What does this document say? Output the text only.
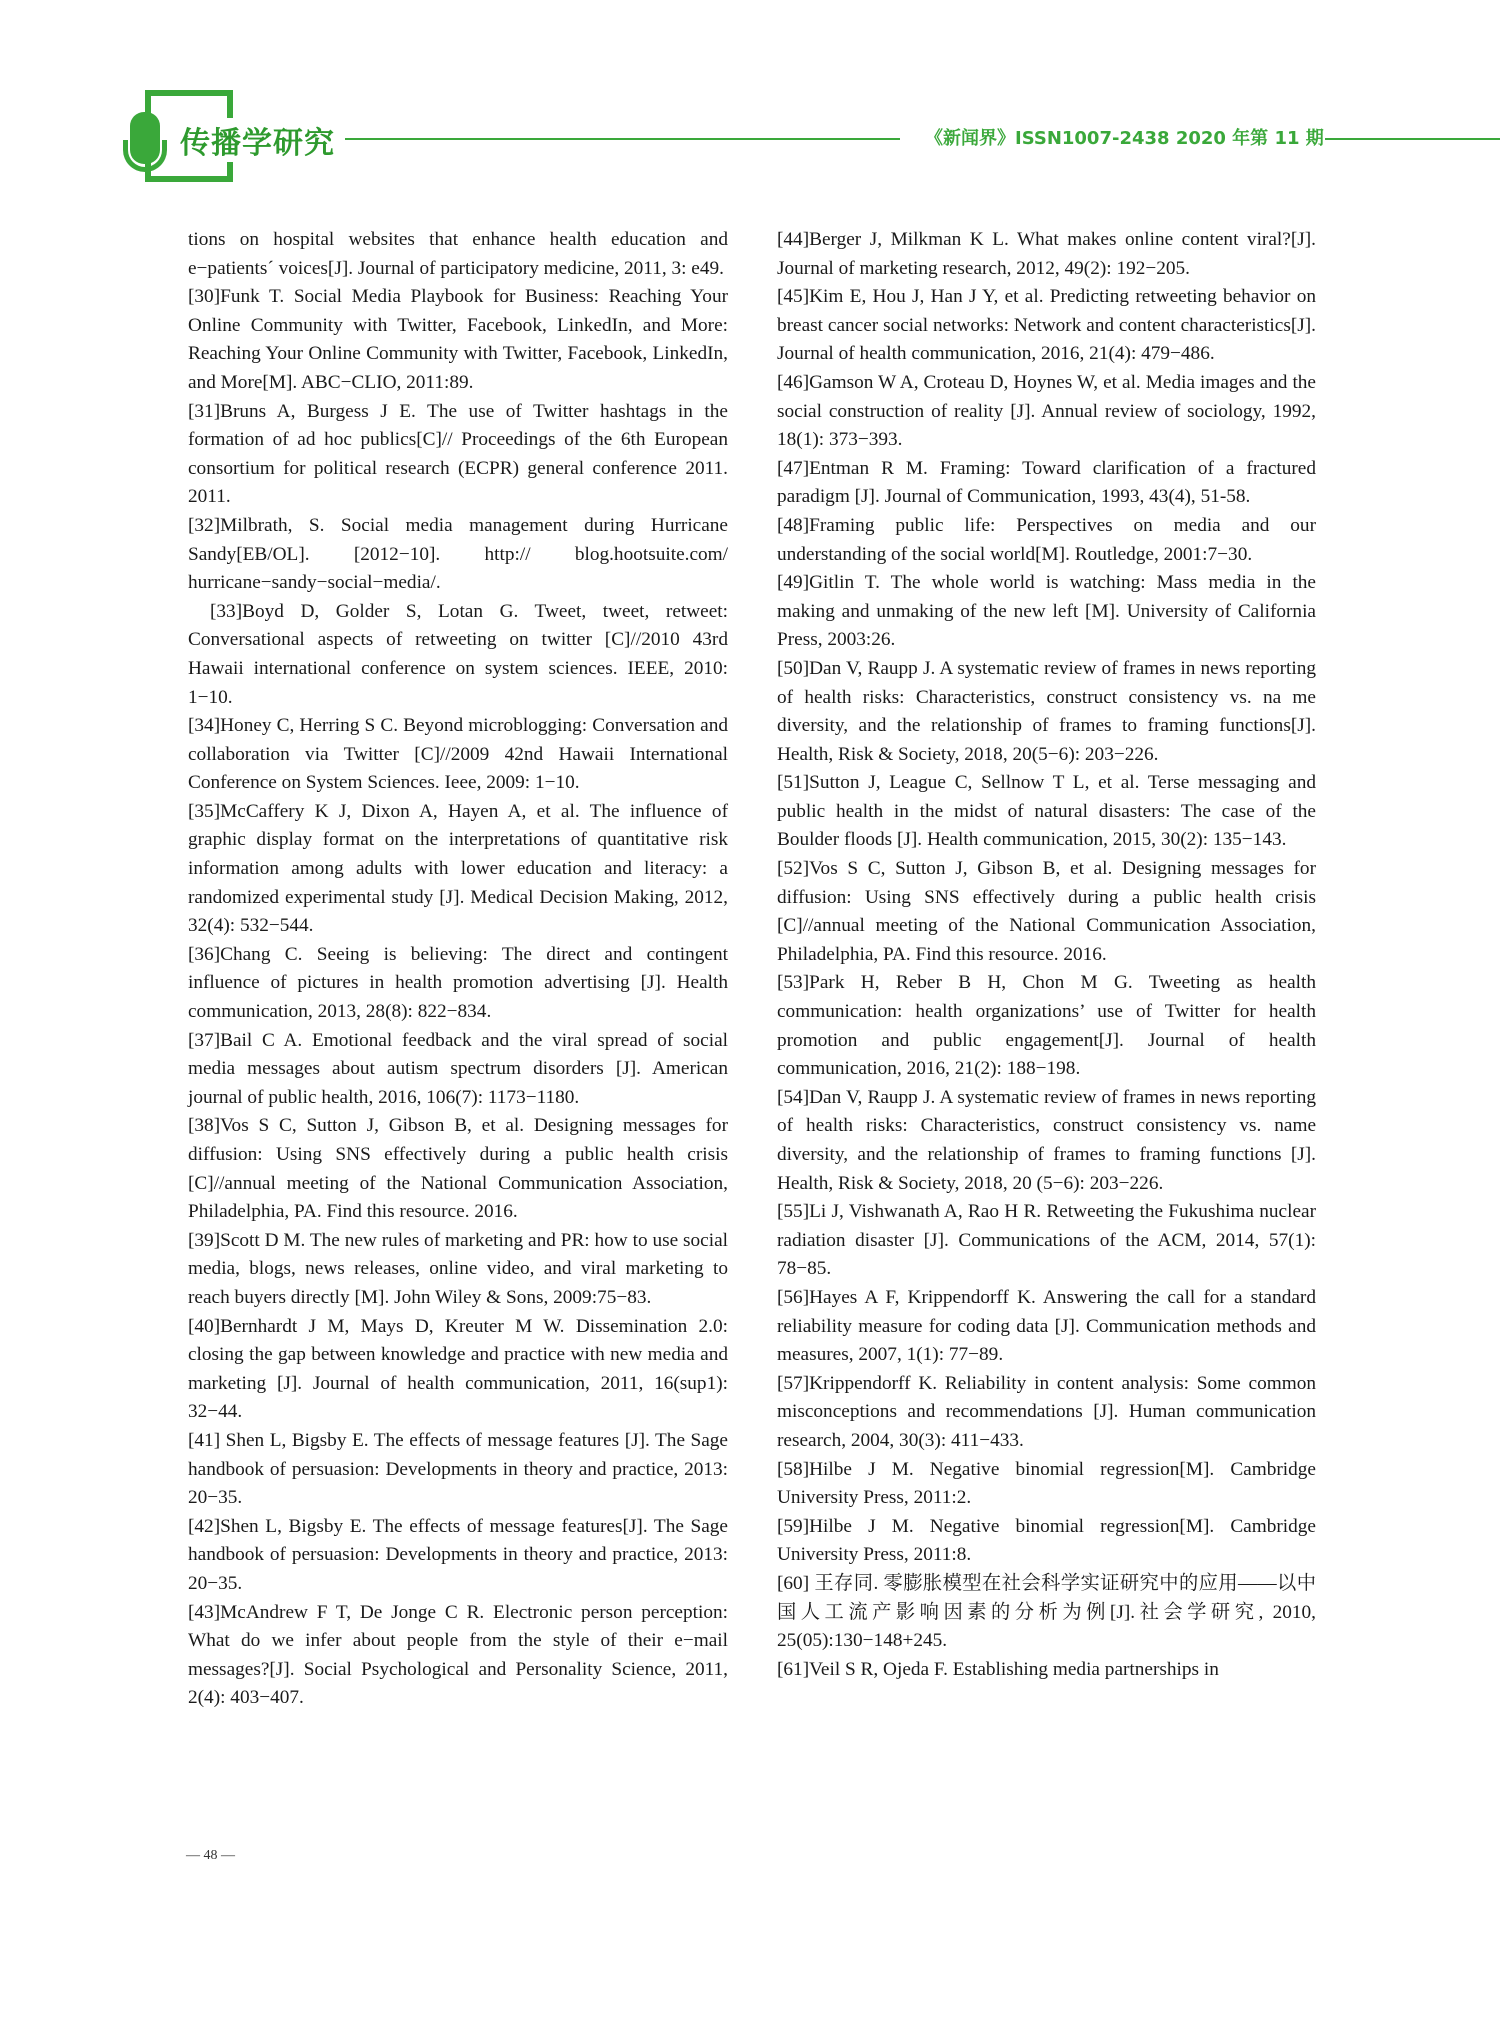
传播学研究	《新闻界》ISSN1007-2438 2020 年第 11 期

tions on hospital websites that enhance health education and e−patients´ voices[J]. Journal of participatory medicine, 2011, 3: e49.

[30]Funk T. Social Media Playbook for Business: Reaching Your Online Community with Twitter, Facebook, LinkedIn, and More: Reaching Your Online Community with Twitter, Facebook, LinkedIn, and More[M]. ABC−CLIO, 2011:89.

[31]Bruns A, Burgess J E. The use of Twitter hashtags in the formation of ad hoc publics[C]// Proceedings of the 6th European consortium for political research (ECPR) general conference 2011. 2011.

[32]Milbrath, S. Social media management during Hurricane Sandy[EB/OL]. [2012−10]. http:// blog.hootsuite.com/ hurricane−sandy−social−media/.

[33]Boyd D, Golder S, Lotan G. Tweet, tweet, retweet: Conversational aspects of retweeting on twitter [C]//2010 43rd Hawaii international conference on system sciences. IEEE, 2010: 1−10.

[34]Honey C, Herring S C. Beyond microblogging: Conversation and collaboration via Twitter [C]//2009 42nd Hawaii International Conference on System Sciences. Ieee, 2009: 1−10.

[35]McCaffery K J, Dixon A, Hayen A, et al. The influence of graphic display format on the interpretations of quantitative risk information among adults with lower education and literacy: a randomized experimental study [J]. Medical Decision Making, 2012, 32(4): 532−544.

[36]Chang C. Seeing is believing: The direct and contingent influence of pictures in health promotion advertising [J]. Health communication, 2013, 28(8): 822−834.

[37]Bail C A. Emotional feedback and the viral spread of social media messages about autism spectrum disorders [J]. American journal of public health, 2016, 106(7): 1173−1180.

[38]Vos S C, Sutton J, Gibson B, et al. Designing messages for diffusion: Using SNS effectively during a public health crisis [C]//annual meeting of the National Communication Association, Philadelphia, PA. Find this resource. 2016.

[39]Scott D M. The new rules of marketing and PR: how to use social media, blogs, news releases, online video, and viral marketing to reach buyers directly [M]. John Wiley & Sons, 2009:75−83.

[40]Bernhardt J M, Mays D, Kreuter M W. Dissemination 2.0: closing the gap between knowledge and practice with new media and marketing [J]. Journal of health communication, 2011, 16(sup1): 32−44.

[41] Shen L, Bigsby E. The effects of message features [J]. The Sage handbook of persuasion: Developments in theory and practice, 2013: 20−35.

[42]Shen L, Bigsby E. The effects of message features[J]. The Sage handbook of persuasion: Developments in theory and practice, 2013: 20−35.

[43]McAndrew F T, De Jonge C R. Electronic person perception: What do we infer about people from the style of their e−mail messages?[J]. Social Psychological and Personality Science, 2011, 2(4): 403−407.

[44]Berger J, Milkman K L. What makes online content viral?[J]. Journal of marketing research, 2012, 49(2): 192−205.

[45]Kim E, Hou J, Han J Y, et al. Predicting retweeting behavior on breast cancer social networks: Network and content characteristics[J]. Journal of health communication, 2016, 21(4): 479−486.

[46]Gamson W A, Croteau D, Hoynes W, et al. Media images and the social construction of reality [J]. Annual review of sociology, 1992, 18(1): 373−393.

[47]Entman R M. Framing: Toward clarification of a fractured paradigm [J]. Journal of Communication, 1993, 43(4), 51‐58.

[48]Framing public life: Perspectives on media and our understanding of the social world[M]. Routledge, 2001:7−30.

[49]Gitlin T. The whole world is watching: Mass media in the making and unmaking of the new left [M]. University of California Press, 2003:26.

[50]Dan V, Raupp J. A systematic review of frames in news reporting of health risks: Characteristics, construct consistency vs. na me diversity, and the relationship of frames to framing functions[J]. Health, Risk & Society, 2018, 20(5−6): 203−226.

[51]Sutton J, League C, Sellnow T L, et al. Terse messaging and public health in the midst of natural disasters: The case of the Boulder floods [J]. Health communication, 2015, 30(2): 135−143.

[52]Vos S C, Sutton J, Gibson B, et al. Designing messages for diffusion: Using SNS effectively during a public health crisis [C]//annual meeting of the National Communication Association, Philadelphia, PA. Find this resource. 2016.

[53]Park H, Reber B H, Chon M G. Tweeting as health communication: health organizations’ use of Twitter for health promotion and public engagement[J]. Journal of health communication, 2016, 21(2): 188−198.

[54]Dan V, Raupp J. A systematic review of frames in news reporting of health risks: Characteristics, construct consistency vs. name diversity, and the relationship of frames to framing functions [J]. Health, Risk & Society, 2018, 20 (5−6): 203−226.

[55]Li J, Vishwanath A, Rao H R. Retweeting the Fukushima nuclear radiation disaster [J]. Communications of the ACM, 2014, 57(1): 78−85.

[56]Hayes A F, Krippendorff K. Answering the call for a standard reliability measure for coding data [J]. Communication methods and measures, 2007, 1(1): 77−89.

[57]Krippendorff K. Reliability in content analysis: Some common misconceptions and recommendations [J]. Human communication research, 2004, 30(3): 411−433.

[58]Hilbe J M. Negative binomial regression[M]. Cambridge University Press, 2011:2.

[59]Hilbe J M. Negative binomial regression[M]. Cambridge University Press, 2011:8.

[60] 王存同. 零膨胀模型在社会科学实证研究中的应用——以中国人工流产影响因素的分析为例[J].社会学研究, 2010, 25(05):130−148+245.

[61]Veil S R, Ojeda F. Establishing media partnerships in

— 48 —
